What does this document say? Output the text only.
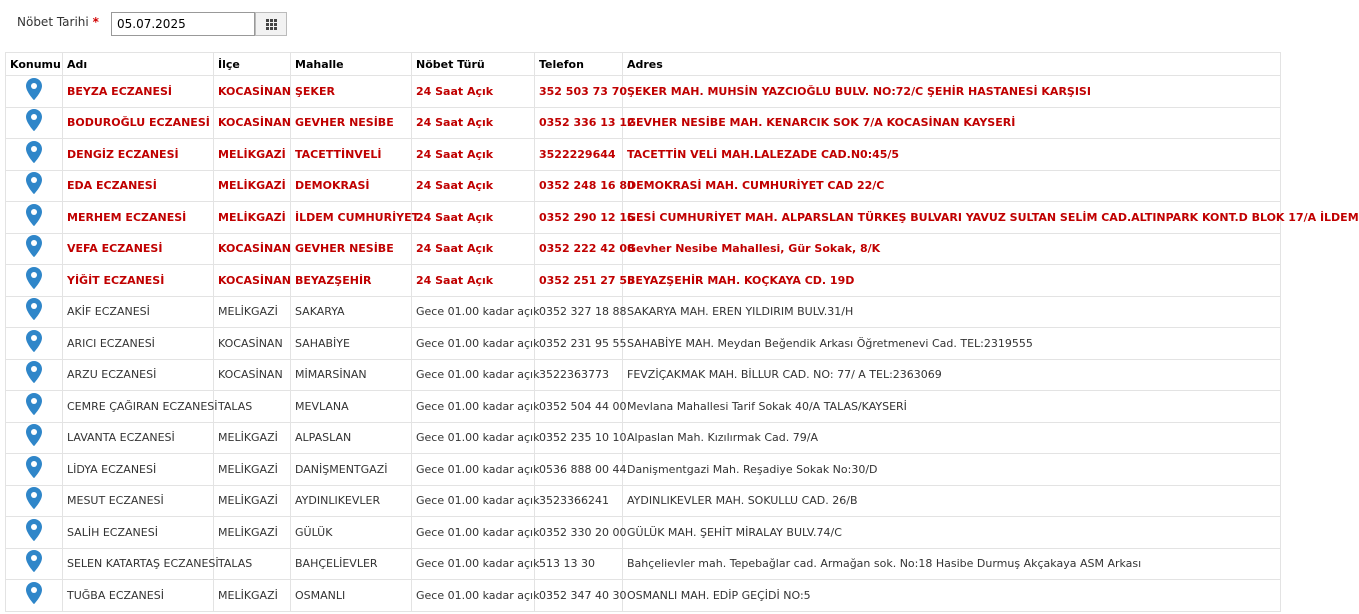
Nöbet Tarihi *
05.07.2025
Konumu	Adı	İlçe	Mahalle	Nöbet Türü	Telefon	Adres
	BEYZA ECZANESİ	KOCASİNAN	ŞEKER	24 Saat Açık	352 503 73 70	ŞEKER MAH. MUHSİN YAZCIOĞLU BULV. NO:72/C ŞEHİR HASTANESİ KARŞISI
	BODUROĞLU ECZANESİ	KOCASİNAN	GEVHER NESİBE	24 Saat Açık	0352 336 13 12	GEVHER NESİBE MAH. KENARCIK SOK 7/A KOCASİNAN KAYSERİ
	DENGİZ ECZANESİ	MELİKGAZİ	TACETTİNVELİ	24 Saat Açık	3522229644	TACETTİN VELİ MAH.LALEZADE CAD.N0:45/5
	EDA ECZANESİ	MELİKGAZİ	DEMOKRASİ	24 Saat Açık	0352 248 16 80	DEMOKRASİ MAH. CUMHURİYET CAD 22/C
	MERHEM ECZANESİ	MELİKGAZİ	İLDEM CUMHURİYET	24 Saat Açık	0352 290 12 15	GESİ CUMHURİYET MAH. ALPARSLAN TÜRKEŞ BULVARI YAVUZ SULTAN SELİM CAD.ALTINPARK KONT.D BLOK 17/A İLDEM
	VEFA ECZANESİ	KOCASİNAN	GEVHER NESİBE	24 Saat Açık	0352 222 42 08	Gevher Nesibe Mahallesi, Gür Sokak, 8/K
	YİĞİT ECZANESİ	KOCASİNAN	BEYAZŞEHİR	24 Saat Açık	0352 251 27 55	BEYAZŞEHİR MAH. KOÇKAYA CD. 19D
	AKİF ECZANESİ	MELİKGAZİ	SAKARYA	Gece 01.00 kadar açık	0352 327 18 88	SAKARYA MAH. EREN YILDIRIM BULV.31/H
	ARICI ECZANESİ	KOCASİNAN	SAHABİYE	Gece 01.00 kadar açık	0352 231 95 55	SAHABİYE MAH. Meydan Beğendik Arkası Öğretmenevi Cad. TEL:2319555
	ARZU ECZANESİ	KOCASİNAN	MİMARSİNAN	Gece 01.00 kadar açık	3522363773	FEVZİÇAKMAK MAH. BİLLUR CAD. NO: 77/ A TEL:2363069
	CEMRE ÇAĞIRAN ECZANESİ	TALAS	MEVLANA	Gece 01.00 kadar açık	0352 504 44 00	Mevlana Mahallesi Tarif Sokak 40/A TALAS/KAYSERİ
	LAVANTA ECZANESİ	MELİKGAZİ	ALPASLAN	Gece 01.00 kadar açık	0352 235 10 10	Alpaslan Mah. Kızılırmak Cad. 79/A
	LİDYA ECZANESİ	MELİKGAZİ	DANİŞMENTGAZİ	Gece 01.00 kadar açık	0536 888 00 44	Danişmentgazi Mah. Reşadiye Sokak No:30/D
	MESUT ECZANESİ	MELİKGAZİ	AYDINLIKEVLER	Gece 01.00 kadar açık	3523366241	AYDINLIKEVLER MAH. SOKULLU CAD. 26/B
	SALİH ECZANESİ	MELİKGAZİ	GÜLÜK	Gece 01.00 kadar açık	0352 330 20 00	GÜLÜK MAH. ŞEHİT MİRALAY BULV.74/C
	SELEN KATARTAŞ ECZANESİ	TALAS	BAHÇELİEVLER	Gece 01.00 kadar açık	513 13 30	Bahçelievler mah. Tepebağlar cad. Armağan sok. No:18 Hasibe Durmuş Akçakaya ASM Arkası
	TUĞBA ECZANESİ	MELİKGAZİ	OSMANLI	Gece 01.00 kadar açık	0352 347 40 30	OSMANLI MAH. EDİP GEÇİDİ NO:5
